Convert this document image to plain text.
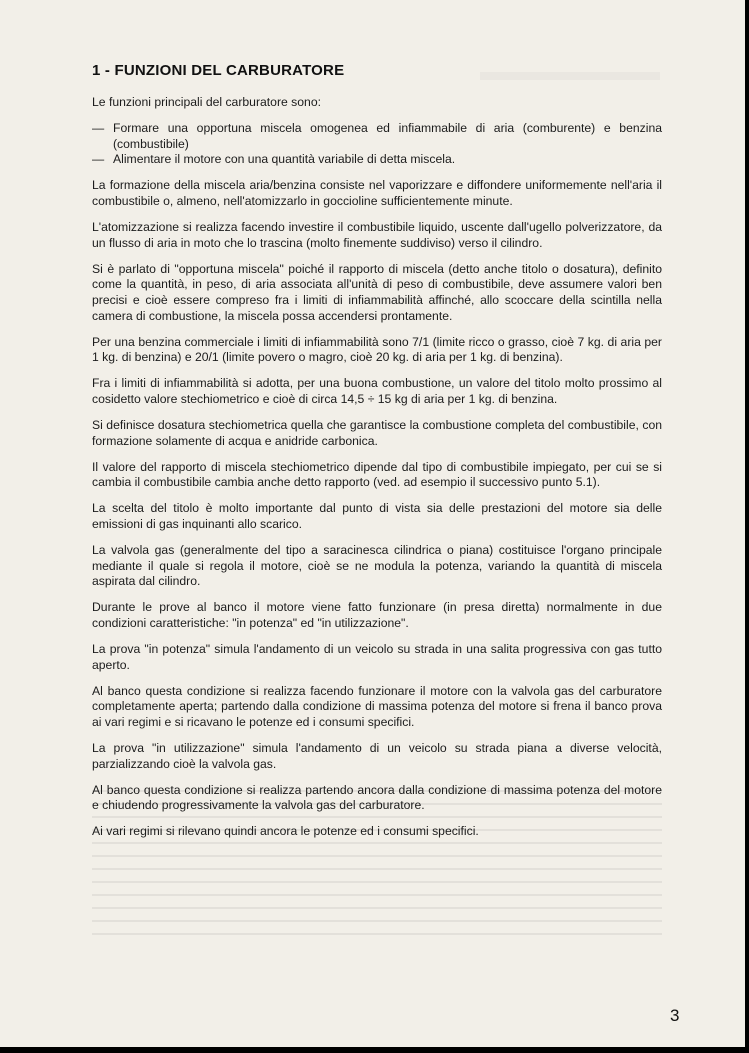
1 - FUNZIONI DEL CARBURATORE

Le funzioni principali del carburatore sono:

— Formare una opportuna miscela omogenea ed infiammabile di aria (comburente) e benzina (combustibile)
— Alimentare il motore con una quantità variabile di detta miscela.

La formazione della miscela aria/benzina consiste nel vaporizzare e diffondere uniformemente nell'aria il combustibile o, almeno, nell'atomizzarlo in goccioline sufficientemente minute.

L'atomizzazione si realizza facendo investire il combustibile liquido, uscente dall'ugello polverizzatore, da un flusso di aria in moto che lo trascina (molto finemente suddiviso) verso il cilindro.

Si è parlato di "opportuna miscela" poiché il rapporto di miscela (detto anche titolo o dosatura), definito come la quantità, in peso, di aria associata all'unità di peso di combustibile, deve assumere valori ben precisi e cioè essere compreso fra i limiti di infiammabilità affinché, allo scoccare della scintilla nella camera di combustione, la miscela possa accendersi prontamente.

Per una benzina commerciale i limiti di infiammabilità sono 7/1 (limite ricco o grasso, cioè 7 kg. di aria per 1 kg. di benzina) e 20/1 (limite povero o magro, cioè 20 kg. di aria per 1 kg. di benzina).

Fra i limiti di infiammabilità si adotta, per una buona combustione, un valore del titolo molto prossimo al cosidetto valore stechiometrico e cioè di circa 14,5 ÷ 15 kg di aria per 1 kg. di benzina.

Si definisce dosatura stechiometrica quella che garantisce la combustione completa del combustibile, con formazione solamente di acqua e anidride carbonica.

Il valore del rapporto di miscela stechiometrico dipende dal tipo di combustibile impiegato, per cui se si cambia il combustibile cambia anche detto rapporto (ved. ad esempio il successivo punto 5.1).

La scelta del titolo è molto importante dal punto di vista sia delle prestazioni del motore sia delle emissioni di gas inquinanti allo scarico.

La valvola gas (generalmente del tipo a saracinesca cilindrica o piana) costituisce l'organo principale mediante il quale si regola il motore, cioè se ne modula la potenza, variando la quantità di miscela aspirata dal cilindro.

Durante le prove al banco il motore viene fatto funzionare (in presa diretta) normalmente in due condizioni caratteristiche: "in potenza" ed "in utilizzazione".

La prova "in potenza" simula l'andamento di un veicolo su strada in una salita progressiva con gas tutto aperto.

Al banco questa condizione si realizza facendo funzionare il motore con la valvola gas del carburatore completamente aperta; partendo dalla condizione di massima potenza del motore si frena il banco prova ai vari regimi e si ricavano le potenze ed i consumi specifici.

La prova "in utilizzazione" simula l'andamento di un veicolo su strada piana a diverse velocità, parzializzando cioè la valvola gas.

Al banco questa condizione si realizza partendo ancora dalla condizione di massima potenza del motore e chiudendo progressivamente la valvola gas del carburatore.

Ai vari regimi si rilevano quindi ancora le potenze ed i consumi specifici.

3
